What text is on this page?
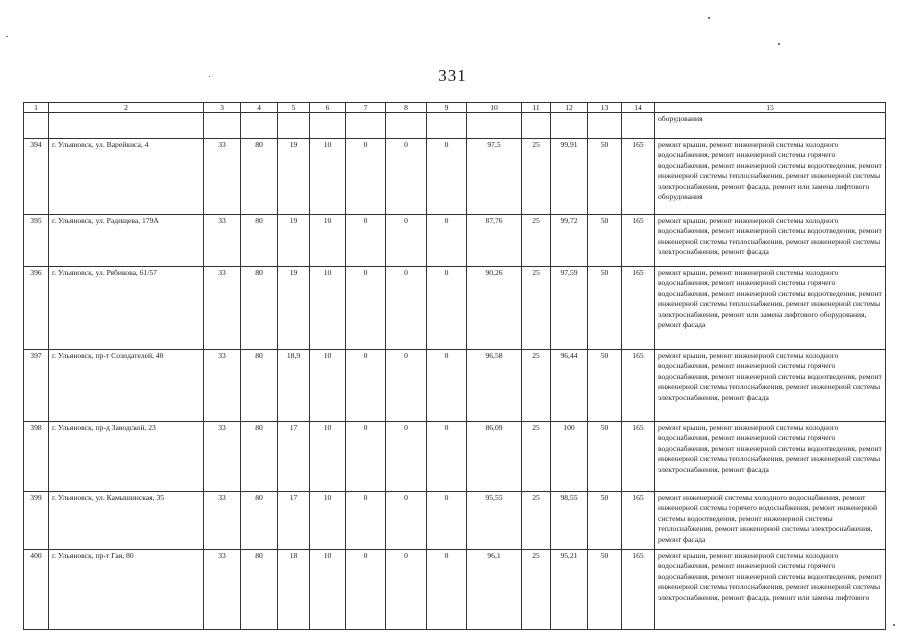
331
1	2	3	4	5	6	7	8	9	10	11	12	13	14	15
														оборудования
394	г. Ульяновск, ул. Варейкиса, 4	33	80	19	10	0	0	0	97,5	25	99,91	50	165	ремонт крыши, ремонт инженерной системы холодного водоснабжения, ремонт инженерной системы горячего водоснабжения, ремонт инженерной системы водоотведения, ремонт инженерной системы теплоснабжения, ремонт инженерной системы электроснабжения, ремонт фасада, ремонт или замена лифтового оборудования
395	г. Ульяновск, ул. Радищева, 179А	33	80	19	10	0	0	0	87,76	25	99,72	50	165	ремонт крыши, ремонт инженерной системы холодного водоснабжения, ремонт инженерной системы водоотведения, ремонт инженерной системы теплоснабжения, ремонт инженерной системы электроснабжения, ремонт фасада
396	г. Ульяновск, ул. Рябикова, 61/57	33	80	19	10	0	0	0	90,26	25	97,59	50	165	ремонт крыши, ремонт инженерной системы холодного водоснабжения, ремонт инженерной системы горячего водоснабжения, ремонт инженерной системы водоотведения, ремонт инженерной системы теплоснабжения, ремонт инженерной системы электроснабжения, ремонт или замена лифтового оборудования, ремонт фасада
397	г. Ульяновск, пр-т Созидателей, 40	33	80	18,9	10	0	0	0	96,58	25	96,44	50	165	ремонт крыши, ремонт инженерной системы холодного водоснабжения, ремонт инженерной системы горячего водоснабжения, ремонт инженерной системы водоотведения, ремонт инженерной системы теплоснабжения, ремонт инженерной системы электроснабжения, ремонт фасада
398	г. Ульяновск, пр-д Заводской, 23	33	80	17	10	0	0	0	86,09	25	100	50	165	ремонт крыши, ремонт инженерной системы холодного водоснабжения, ремонт инженерной системы горячего водоснабжения, ремонт инженерной системы водоотведения, ремонт инженерной системы теплоснабжения, ремонт инженерной системы электроснабжения, ремонт фасада
399	г. Ульяновск, ул. Камышинская, 35	33	80	17	10	0	0	0	95,55	25	98,55	50	165	ремонт инженерной системы холодного водоснабжения, ремонт инженерной системы горячего водоснабжения, ремонт инженерной системы водоотведения, ремонт инженерной системы теплоснабжения, ремонт инженерной системы электроснабжения, ремонт фасада
400	г. Ульяновск, пр-т Гая, 80	33	80	18	10	0	0	0	96,1	25	95,21	50	165	ремонт крыши, ремонт инженерной системы холодного водоснабжения, ремонт инженерной системы горячего водоснабжения, ремонт инженерной системы водоотведения, ремонт инженерной системы теплоснабжения, ремонт инженерной системы электроснабжения, ремонт фасада, ремонт или замена лифтового
